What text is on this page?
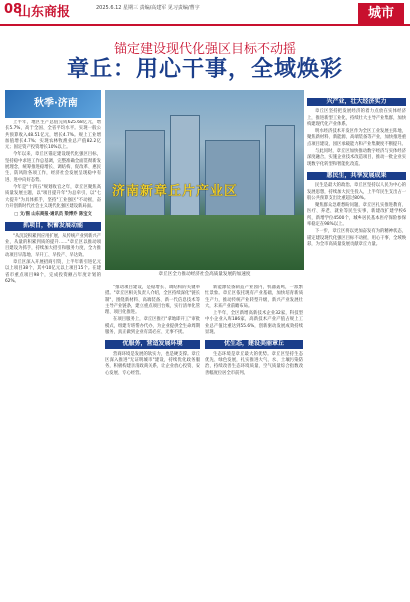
08
山东商报	2025.6.12 星期三 责编/高建军 见习责编/曹宇	城市
锚定建设现代化强区目标不动摇
章丘：用心干事，全域焕彩
秋季·济南
济南新章丘片产业区
章丘区全力推动经济社会高质量发展的加速度

上半年，地区生产总值完成625.68亿元，增长5.7%，高于全国、全省平均水平。实现一般公共预算收入48.51亿元，增长4.7%。规上工业增加值增长4.7%；实现农林牧渔业总产值82.2亿元；固定资产投资增长10%以上。

今年以来，章丘区锚定建设现代化强区目标，坚持稳中求进工作总基调，完整准确全面贯彻新发展理念，统筹推进稳增长、调结构、促改革、惠民生、防风险各项工作，经济社会发展呈现稳中有进、进中向好态势。

今年是"十四五"规划收官之年，章丘区聚焦高质量发展主题，以"项目提升年"为总牵引，以"七大提升"为具体抓手，坚持"工业强区"不动摇，奋力开创新时代社会主义现代化强区建设新局面。

□ 文/图 山东商报·通讯员 梁博乔 陈宝文

抓项目，积蓄发展动能

"从沉淀积累到应用扩展，从传统产业到新兴产业，从量的积累到质的提升……"章丘区以推动项目建设为抓手，持续加大招引和服务力度，全力推动项目早落地、早开工、早投产、早达效。

章丘区深入开展招商引资，上半年新引进亿元以上项目38个，其中10亿元以上项目15个。在建省市重点项目98个，完成投资额占年度计划的62%。

"推动项目建设，是稳增长、调结构的关键举措。"章丘区相关负责人介绍，全区持续深化"链长制"，围绕新材料、高端装备、新一代信息技术等主导产业链条，建立重点项目台账，实行清单化管理、项目化推进。

在项目服务上，章丘区推行"拿地即开工"审批模式，组建专班帮办代办，为企业提供全生命周期服务，真正做到企业有需必应、无事不扰。

优服务，营造发展环境

营商环境是发展的软实力，也是硬支撑。章丘区深入推进"无证明城市"建设，持续优化政务服务，积极构建亲清政商关系，让企业放心投资、安心发展、专心经营。

新能源装备制造产业园内，机器轰鸣，一派繁忙景象。章丘区依托现有产业基础，加快培育新质生产力，推动传统产业转型升级，新兴产业发展壮大，未来产业前瞻布局。

上半年，全区新增高新技术企业32家，科技型中小企业入库186家，高新技术产业产值占规上工业总产值比重达到55.6%，创新驱动发展成效持续显现。

优生态，建设美丽章丘

生态环境是章丘最大的优势。章丘区坚持生态优先、绿色发展，扎实推进大气、水、土壤污染防治，持续改善生态环境质量，空气质量综合指数改善幅度位居全市前列。

兴产业，壮大经济实力

章丘区坚持把发展经济的着力点放在实体经济上，推进新型工业化，持续壮大主导产业集群，加快构建现代化产业体系。

明水经济技术开发区作为全区工业发展主阵地，聚焦新材料、新能源、高端装备等产业，加快推进重点项目建设，园区承载能力和产业集聚度不断提升。

与此同时，章丘区加快推动数字经济与实体经济深度融合，实施企业技术改造项目，推动一批企业实现数字化转型和智能化改造。

惠民生，共享发展成果

民生是最大的政治。章丘区坚持以人民为中心的发展思想，持续加大民生投入，上半年民生支出占一般公共预算支出比重超过80%。

聚焦群众急难愁盼问题，章丘区扎实推进教育、医疗、养老、就业等民生实事，新建改扩建学校6所，新增学位4500个，城乡居民基本医疗保险参保率稳定在98%以上。

下一步，章丘区将以更加奋发有为的精神状态，锚定建设现代化强区目标不动摇，用心干事、全域焕彩，为全市高质量发展贡献章丘力量。
